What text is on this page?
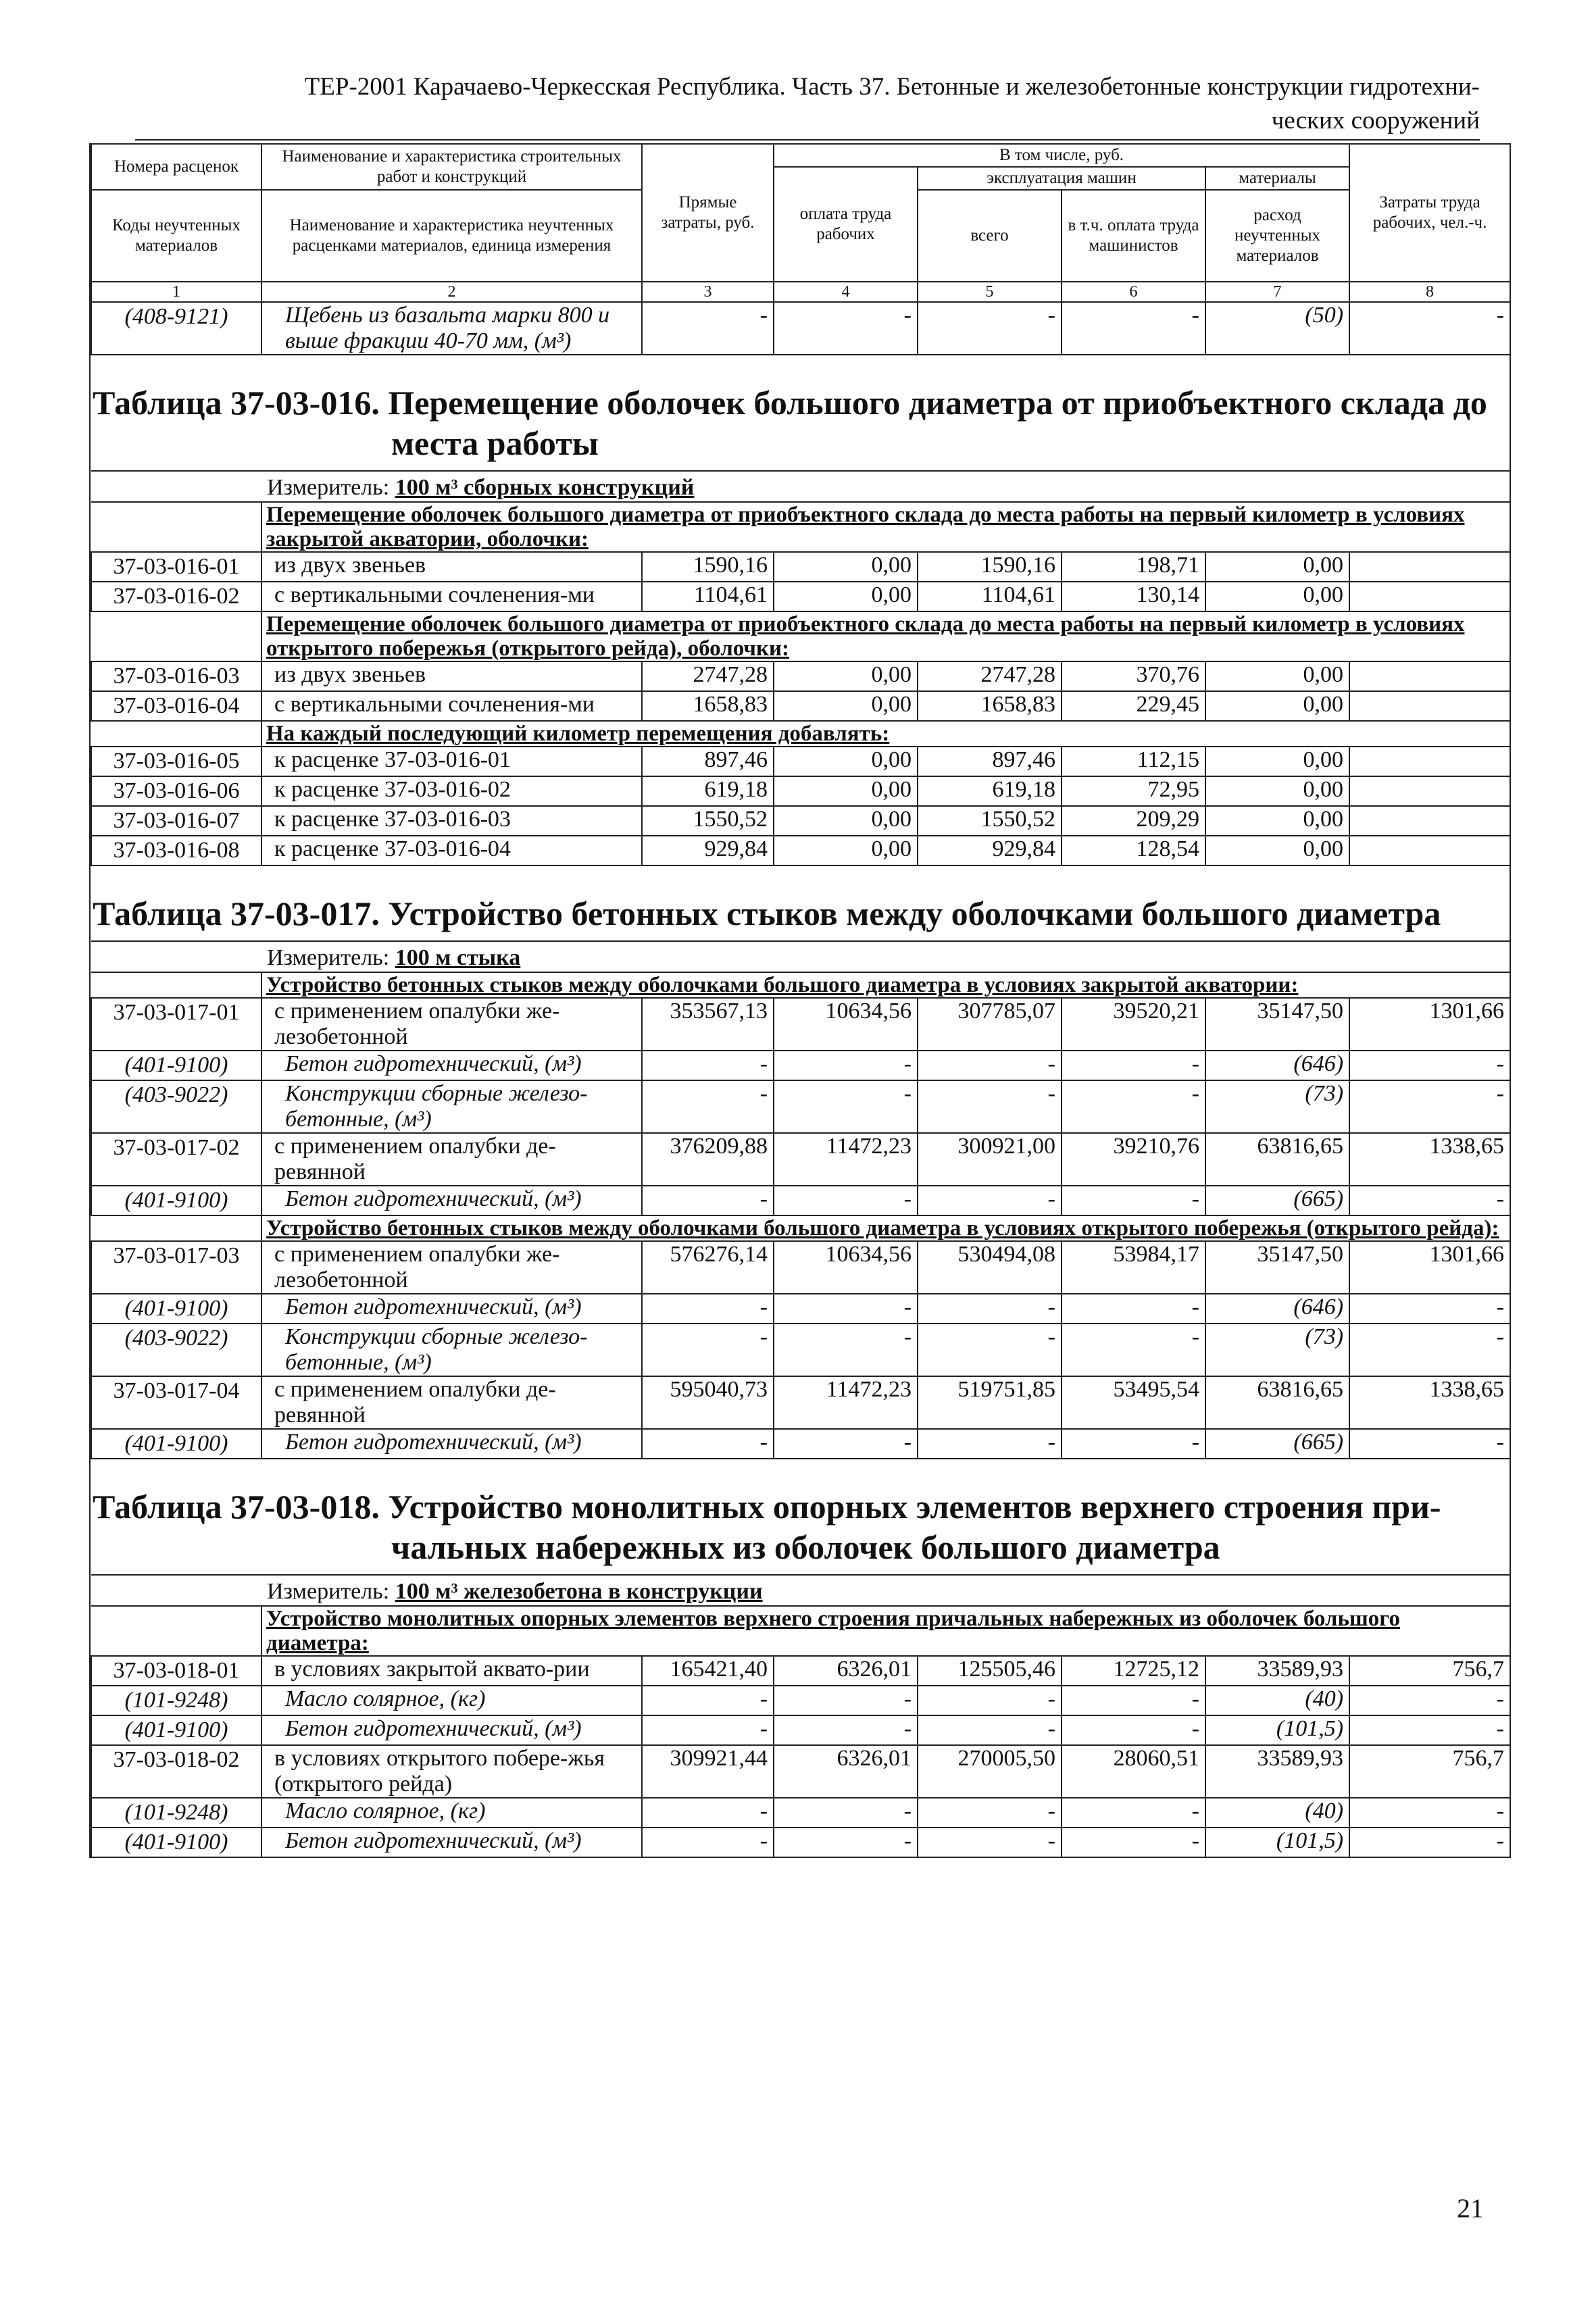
ТЕР-2001 Карачаево-Черкесская Республика. Часть 37. Бетонные и железобетонные конструкции гидротехни-
ческих сооружений
Номера расценок	Наименование и характеристика строительных работ и конструкций	Прямые затраты, руб.	В том числе, руб.				Затраты труда рабочих, чел.-ч.
			оплата труда рабочих	эксплуатация машин		материалы	
Коды неучтенных материалов	Наименование и характеристика неучтенных расценками материалов, единица измерения			всего	в т.ч. оплата труда машинистов	расход неучтенных материалов	
1	2	3	4	5	6	7	8
(408-9121)	Щебень из базальта марки 800 и выше фракции 40-70 мм, (м³)	-	-	-	-	(50)	-

Таблица 37-03-016. Перемещение оболочек большого диаметра от приобъектного склада до
места работы							

	Измеритель: 100 м³ сборных конструкций						
	Перемещение оболочек большого диаметра от приобъектного склада до места работы на первый километр в условиях закрытой акватории, оболочки:						
37-03-016-01	из двух звеньев	1590,16	0,00	1590,16	198,71	0,00	
37-03-016-02	с вертикальными сочленения-ми	1104,61	0,00	1104,61	130,14	0,00	
	Перемещение оболочек большого диаметра от приобъектного склада до места работы на первый километр в условиях открытого побережья (открытого рейда), оболочки:						
37-03-016-03	из двух звеньев	2747,28	0,00	2747,28	370,76	0,00	
37-03-016-04	с вертикальными сочленения-ми	1658,83	0,00	1658,83	229,45	0,00	
	На каждый последующий километр перемещения добавлять:						
37-03-016-05	к расценке 37-03-016-01	897,46	0,00	897,46	112,15	0,00	
37-03-016-06	к расценке 37-03-016-02	619,18	0,00	619,18	72,95	0,00	
37-03-016-07	к расценке 37-03-016-03	1550,52	0,00	1550,52	209,29	0,00	
37-03-016-08	к расценке 37-03-016-04	929,84	0,00	929,84	128,54	0,00	

Таблица 37-03-017. Устройство бетонных стыков между оболочками большого диаметра							

	Измеритель: 100 м стыка						
	Устройство бетонных стыков между оболочками большого диаметра в условиях закрытой акватории:						
37-03-017-01	с применением опалубки же-лезобетонной	353567,13	10634,56	307785,07	39520,21	35147,50	1301,66
(401-9100)	Бетон гидротехнический, (м³)	-	-	-	-	(646)	-
(403-9022)	Конструкции сборные железо-бетонные, (м³)	-	-	-	-	(73)	-
37-03-017-02	с применением опалубки де-ревянной	376209,88	11472,23	300921,00	39210,76	63816,65	1338,65
(401-9100)	Бетон гидротехнический, (м³)	-	-	-	-	(665)	-
	Устройство бетонных стыков между оболочками большого диаметра в условиях открытого побережья (открытого рейда):						
37-03-017-03	с применением опалубки же-лезобетонной	576276,14	10634,56	530494,08	53984,17	35147,50	1301,66
(401-9100)	Бетон гидротехнический, (м³)	-	-	-	-	(646)	-
(403-9022)	Конструкции сборные железо-бетонные, (м³)	-	-	-	-	(73)	-
37-03-017-04	с применением опалубки де-ревянной	595040,73	11472,23	519751,85	53495,54	63816,65	1338,65
(401-9100)	Бетон гидротехнический, (м³)	-	-	-	-	(665)	-

Таблица 37-03-018. Устройство монолитных опорных элементов верхнего строения при-
чальных набережных из оболочек большого диаметра							

	Измеритель: 100 м³ железобетона в конструкции						
	Устройство монолитных опорных элементов верхнего строения причальных набережных из оболочек большого диаметра:						
37-03-018-01	в условиях закрытой аквато-рии	165421,40	6326,01	125505,46	12725,12	33589,93	756,7
(101-9248)	Масло солярное, (кг)	-	-	-	-	(40)	-
(401-9100)	Бетон гидротехнический, (м³)	-	-	-	-	(101,5)	-
37-03-018-02	в условиях открытого побере-жья (открытого рейда)	309921,44	6326,01	270005,50	28060,51	33589,93	756,7
(101-9248)	Масло солярное, (кг)	-	-	-	-	(40)	-
(401-9100)	Бетон гидротехнический, (м³)	-	-	-	-	(101,5)	-
21
